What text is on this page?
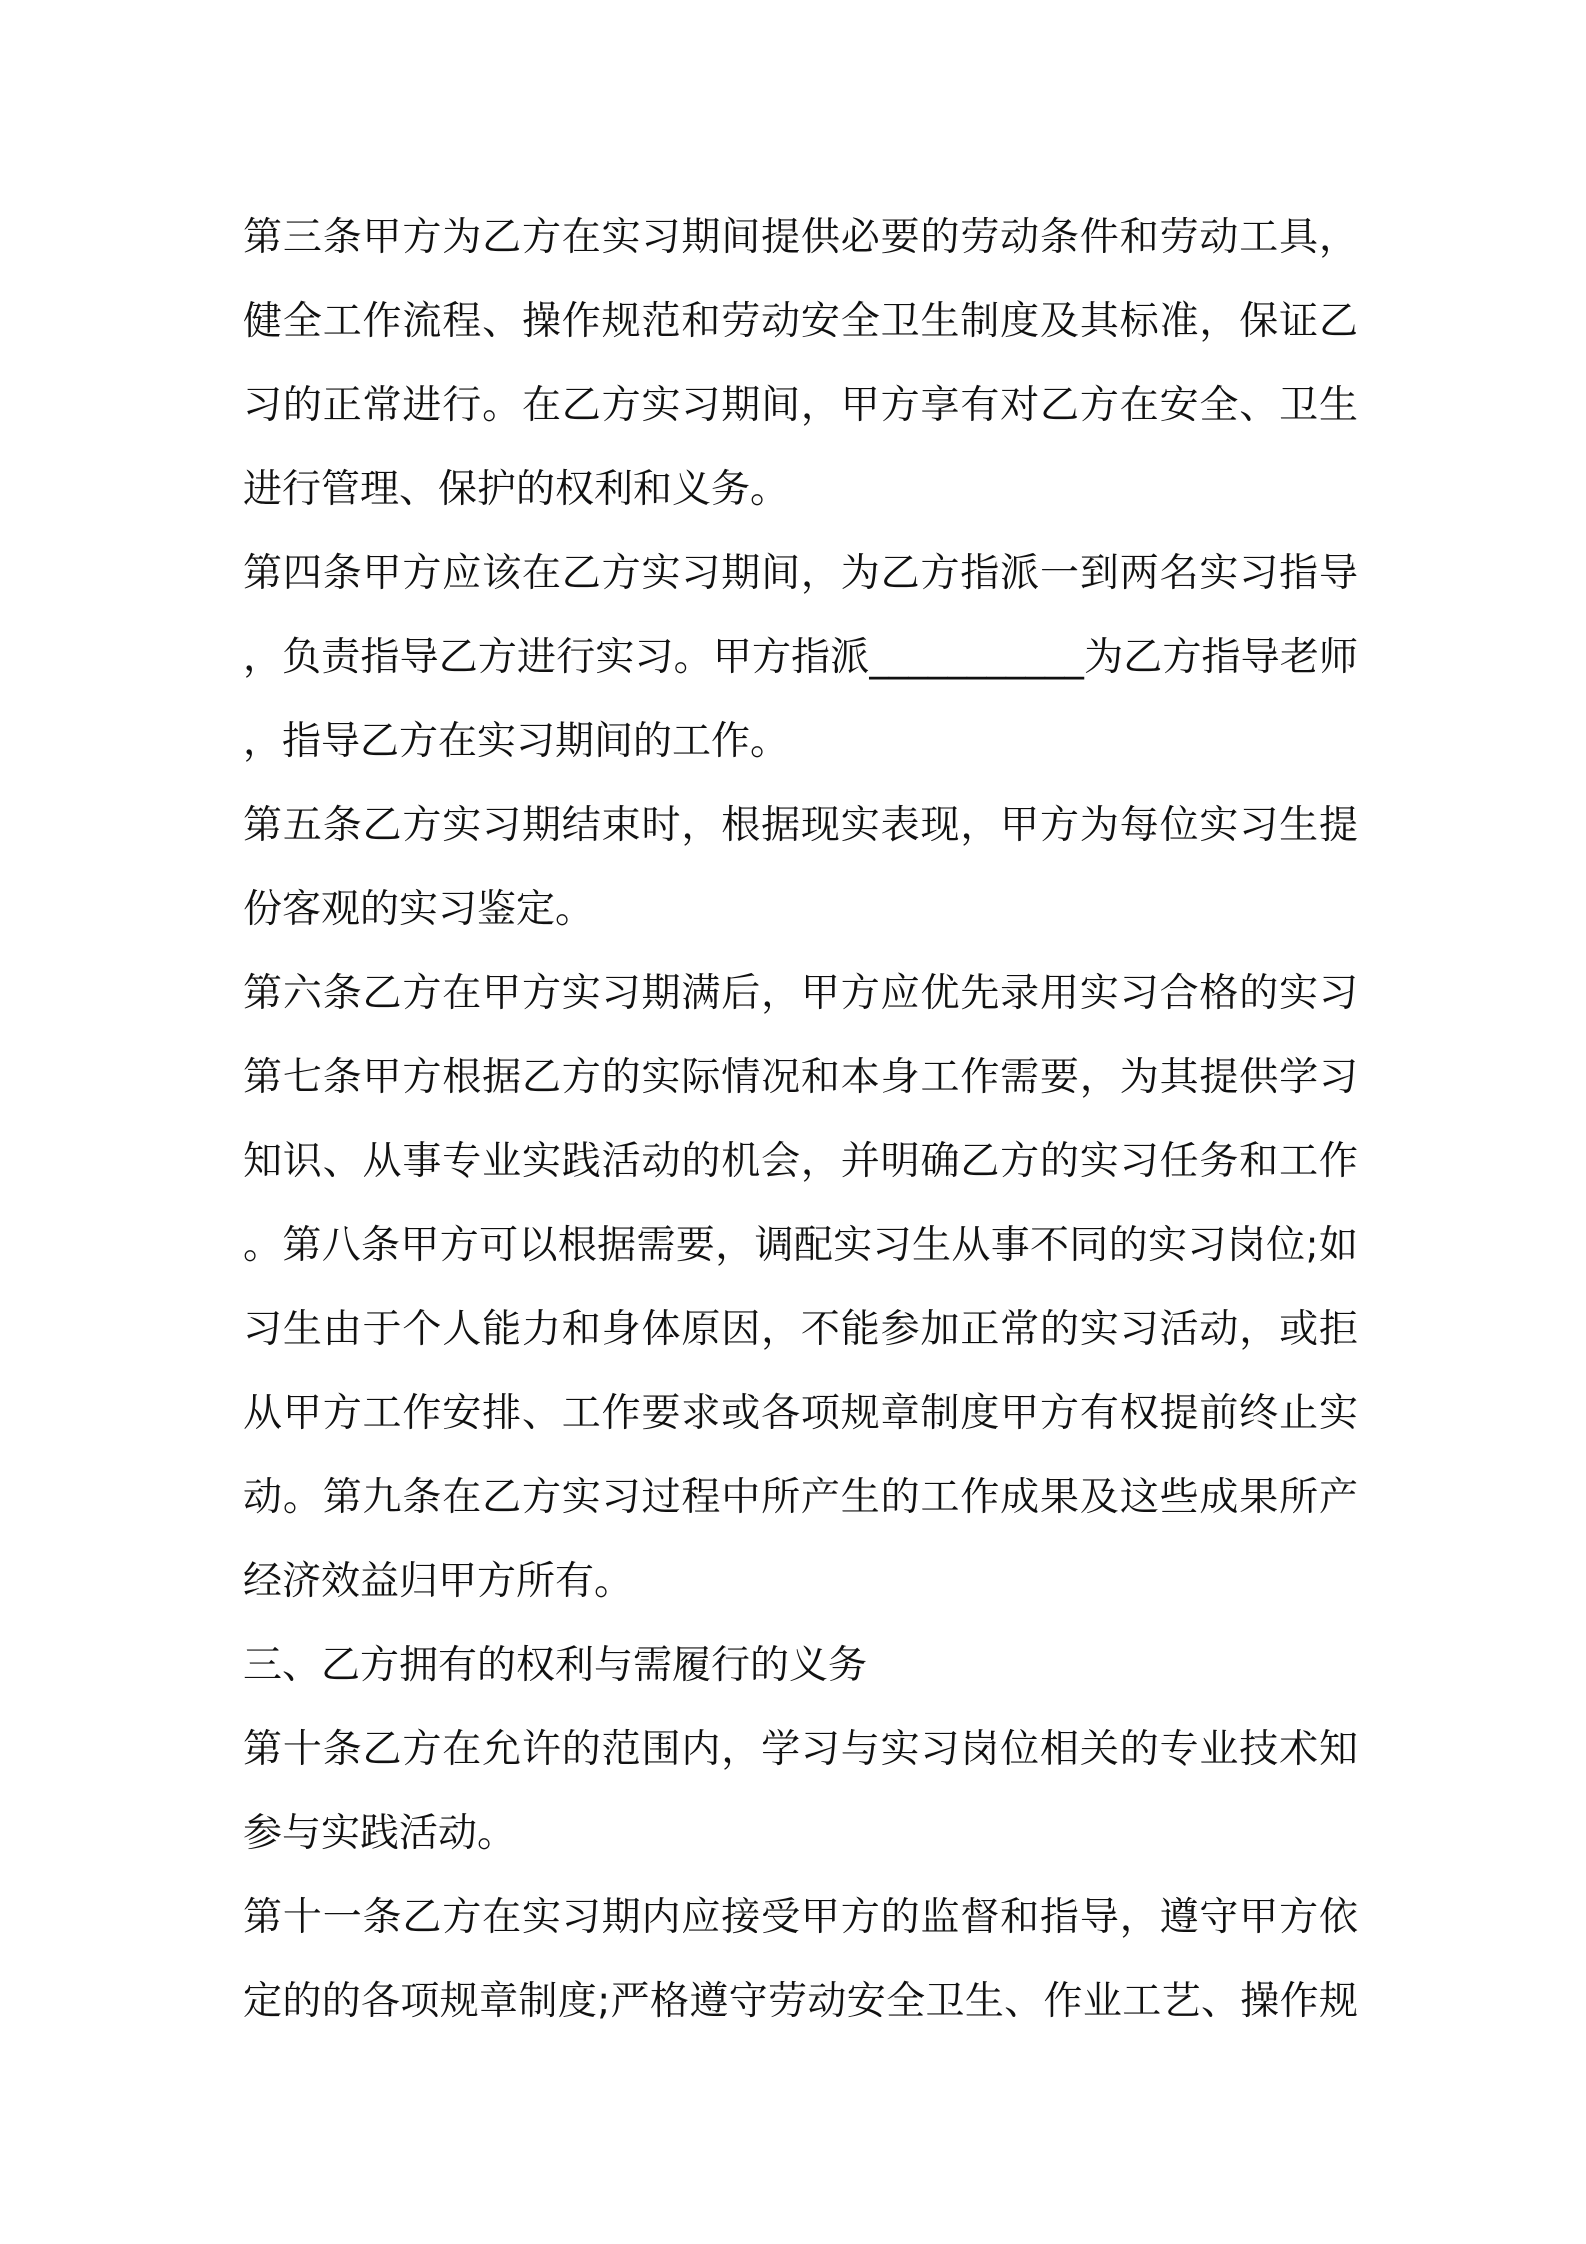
第三条甲方为乙方在实习期间提供必要的劳动条件和劳动工具，
健全工作流程、操作规范和劳动安全卫生制度及其标准，保证乙
习的正常进行。在乙方实习期间，甲方享有对乙方在安全、卫生
进行管理、保护的权利和义务。
第四条甲方应该在乙方实习期间，为乙方指派一到两名实习指导
，负责指导乙方进行实习。甲方指派___________为乙方指导老师
，指导乙方在实习期间的工作。
第五条乙方实习期结束时，根据现实表现，甲方为每位实习生提
份客观的实习鉴定。
第六条乙方在甲方实习期满后，甲方应优先录用实习合格的实习
第七条甲方根据乙方的实际情况和本身工作需要，为其提供学习
知识、从事专业实践活动的机会，并明确乙方的实习任务和工作
。第八条甲方可以根据需要，调配实习生从事不同的实习岗位;如
习生由于个人能力和身体原因，不能参加正常的实习活动，或拒
从甲方工作安排、工作要求或各项规章制度甲方有权提前终止实
动。第九条在乙方实习过程中所产生的工作成果及这些成果所产
经济效益归甲方所有。
三、乙方拥有的权利与需履行的义务
第十条乙方在允许的范围内，学习与实习岗位相关的专业技术知
参与实践活动。
第十一条乙方在实习期内应接受甲方的监督和指导，遵守甲方依
定的的各项规章制度;严格遵守劳动安全卫生、作业工艺、操作规
